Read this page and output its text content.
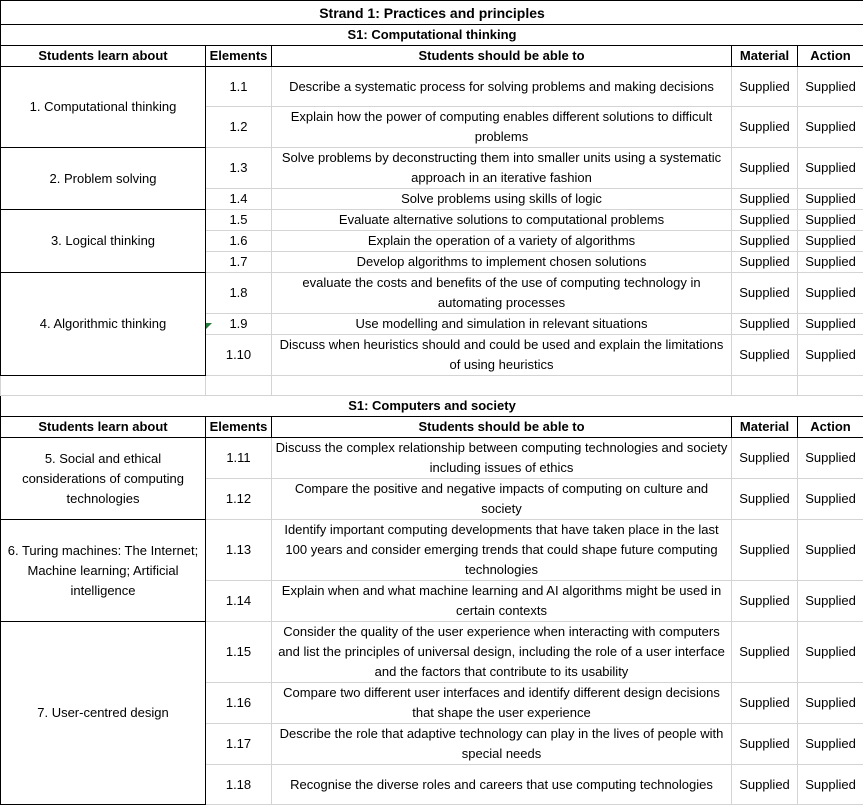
Strand 1: Practices and principles				
S1: Computational thinking				
Students learn about	Elements	Students should be able to	Material	Action
1. Computational thinking	1.1	Describe a systematic process for solving problems and making decisions	Supplied	Supplied
	1.2	Explain how the power of computing enables different solutions to difficult problems	Supplied	Supplied
2. Problem solving	1.3	Solve problems by deconstructing them into smaller units using a systematic approach in an iterative fashion	Supplied	Supplied
	1.4	Solve problems using skills of logic	Supplied	Supplied
3. Logical thinking	1.5	Evaluate alternative solutions to computational problems	Supplied	Supplied
	1.6	Explain the operation of a variety of algorithms	Supplied	Supplied
	1.7	Develop algorithms to implement chosen solutions	Supplied	Supplied
4. Algorithmic thinking	1.8	evaluate the costs and benefits of the use of computing technology in automating processes	Supplied	Supplied
	1.9	Use modelling and simulation in relevant situations	Supplied	Supplied
	1.10	Discuss when heuristics should and could be used and explain the limitations of using heuristics	Supplied	Supplied

S1: Computers and society				
Students learn about	Elements	Students should be able to	Material	Action
5. Social and ethical considerations of computing technologies	1.11	Discuss the complex relationship between computing technologies and society including issues of ethics	Supplied	Supplied
	1.12	Compare the positive and negative impacts of computing on culture and society	Supplied	Supplied
6. Turing machines: The Internet; Machine learning; Artificial intelligence	1.13	Identify important computing developments that have taken place in the last 100 years and consider emerging trends that could shape future computing technologies	Supplied	Supplied
	1.14	Explain when and what machine learning and AI algorithms might be used in certain contexts	Supplied	Supplied
7. User-centred design	1.15	Consider the quality of the user experience when interacting with computers and list the principles of universal design, including the role of a user interface and the factors that contribute to its usability	Supplied	Supplied
	1.16	Compare two different user interfaces and identify different design decisions that shape the user experience	Supplied	Supplied
	1.17	Describe the role that adaptive technology can play in the lives of people with special needs	Supplied	Supplied
	1.18	Recognise the diverse roles and careers that use computing technologies	Supplied	Supplied
